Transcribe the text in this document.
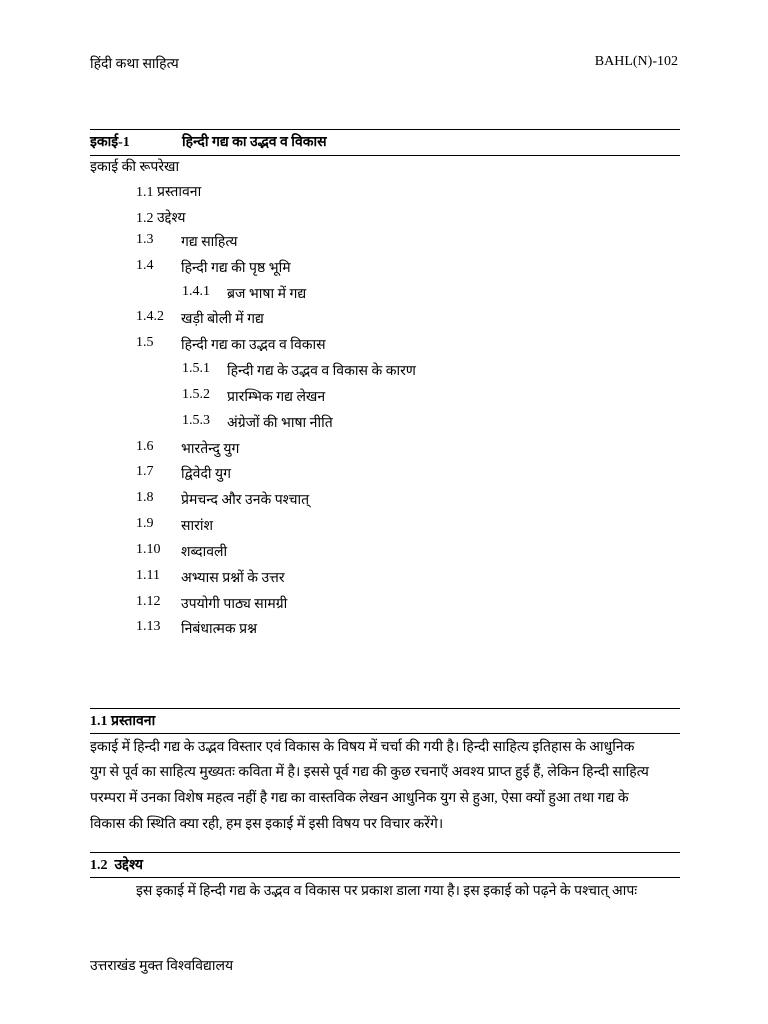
हिंदी कथा साहित्य	BAHL(N)-102
इकाई-1	हिन्दी गद्य का उद्भव व विकास
इकाई की रूपरेखा
1.1 प्रस्तावना
1.2 उद्देश्य
1.3 गद्य साहित्य
1.4 हिन्दी गद्य की पृष्ठ भूमि
1.4.1 ब्रज भाषा में गद्य
1.4.2 खड़ी बोली में गद्य
1.5 हिन्दी गद्य का उद्भव व विकास
1.5.1 हिन्दी गद्य के उद्भव व विकास के कारण
1.5.2 प्रारम्भिक गद्य लेखन
1.5.3 अंग्रेजों की भाषा नीति
1.6 भारतेन्दु युग
1.7 द्विवेदी युग
1.8 प्रेमचन्द और उनके पश्चात्
1.9 सारांश
1.10 शब्दावली
1.11 अभ्यास प्रश्नों के उत्तर
1.12 उपयोगी पाठ्य सामग्री
1.13 निबंधात्मक प्रश्न
1.1 प्रस्तावना
इकाई में हिन्दी गद्य के उद्भव विस्तार एवं विकास के विषय में चर्चा की गयी है। हिन्दी साहित्य इतिहास के आधुनिक
युग से पूर्व का साहित्य मुख्यतः कविता में है। इससे पूर्व गद्य की कुछ रचनाएँ अवश्य प्राप्त हुई हैं, लेकिन हिन्दी साहित्य
परम्परा में उनका विशेष महत्व नहीं है गद्य का वास्तविक लेखन आधुनिक युग से हुआ, ऐसा क्यों हुआ तथा गद्य के
विकास की स्थिति क्या रही, हम इस इकाई में इसी विषय पर विचार करेंगे।
1.2  उद्देश्य
इस इकाई में हिन्दी गद्य के उद्भव व विकास पर प्रकाश डाला गया है। इस इकाई को पढ़ने के पश्चात् आपः
उत्तराखंड मुक्त विश्वविद्यालय
